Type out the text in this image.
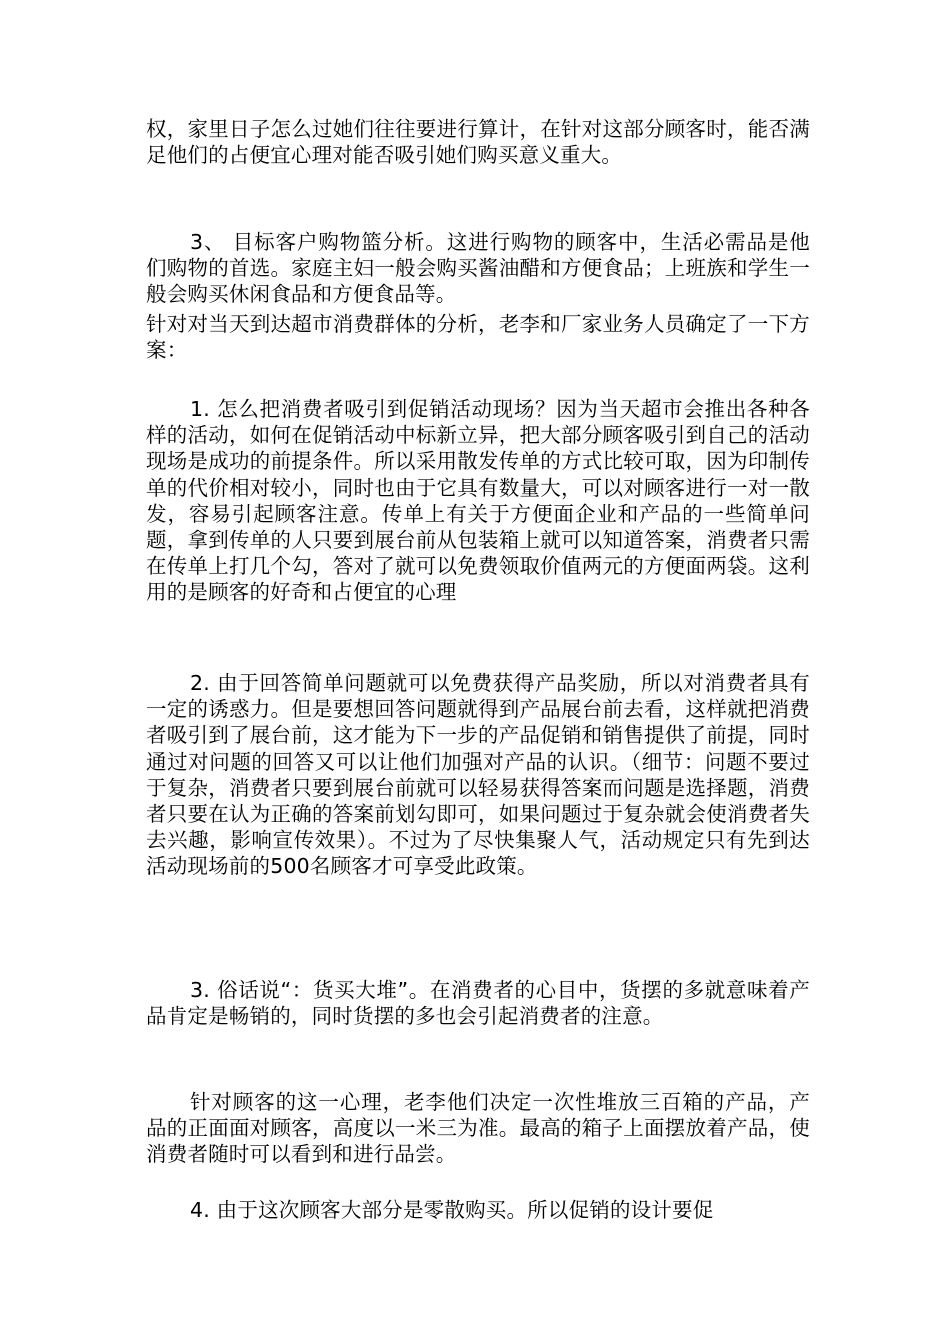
权，家里日子怎么过她们往往要进行算计，在针对这部分顾客时，能否满足他们的占便宜心理对能否吸引她们购买意义重大。
3、 目标客户购物篮分析。这进行购物的顾客中，生活必需品是他们购物的首选。家庭主妇一般会购买酱油醋和方便食品；上班族和学生一般会购买休闲食品和方便食品等。
针对对当天到达超市消费群体的分析，老李和厂家业务人员确定了一下方案：
1. 怎么把消费者吸引到促销活动现场？因为当天超市会推出各种各样的活动，如何在促销活动中标新立异，把大部分顾客吸引到自己的活动现场是成功的前提条件。所以采用散发传单的方式比较可取，因为印制传单的代价相对较小，同时也由于它具有数量大，可以对顾客进行一对一散发，容易引起顾客注意。传单上有关于方便面企业和产品的一些简单问题，拿到传单的人只要到展台前从包装箱上就可以知道答案，消费者只需在传单上打几个勾，答对了就可以免费领取价值两元的方便面两袋。这利用的是顾客的好奇和占便宜的心理
2. 由于回答简单问题就可以免费获得产品奖励，所以对消费者具有一定的诱惑力。但是要想回答问题就得到产品展台前去看，这样就把消费者吸引到了展台前，这才能为下一步的产品促销和销售提供了前提，同时通过对问题的回答又可以让他们加强对产品的认识。（细节：问题不要过于复杂，消费者只要到展台前就可以轻易获得答案而问题是选择题，消费者只要在认为正确的答案前划勾即可，如果问题过于复杂就会使消费者失去兴趣，影响宣传效果）。不过为了尽快集聚人气，活动规定只有先到达活动现场前的500名顾客才可享受此政策。
3. 俗话说“：货买大堆”。在消费者的心目中，货摆的多就意味着产品肯定是畅销的，同时货摆的多也会引起消费者的注意。
针对顾客的这一心理，老李他们决定一次性堆放三百箱的产品，产品的正面面对顾客，高度以一米三为准。最高的箱子上面摆放着产品，使消费者随时可以看到和进行品尝。
4. 由于这次顾客大部分是零散购买。所以促销的设计要促
